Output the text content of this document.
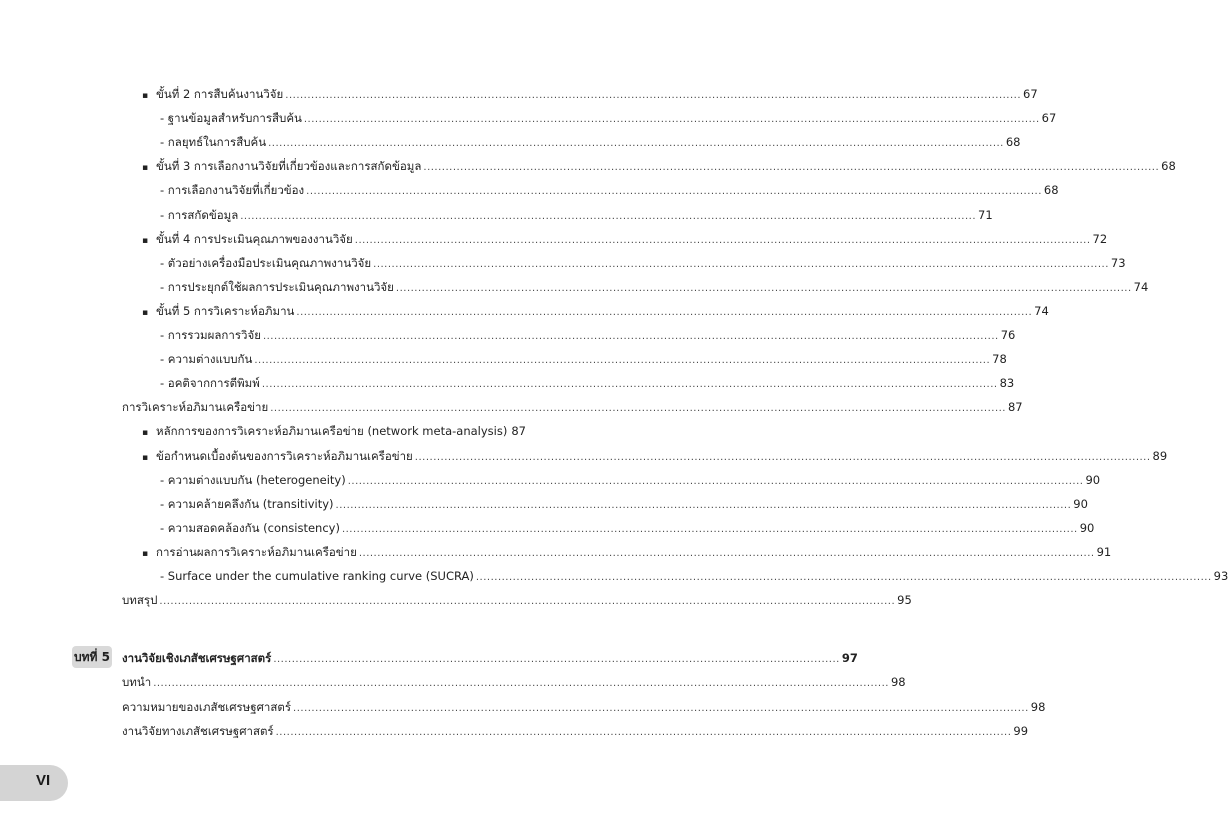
▪ ขั้นที่ 2 การสืบค้นงานวิจัย ........................................................................................................................................................................................................ 67
- ฐานข้อมูลสำหรับการสืบค้น ........................................................................................................................................................................................................ 67
- กลยุทธ์ในการสืบค้น ........................................................................................................................................................................................................ 68
▪ ขั้นที่ 3 การเลือกงานวิจัยที่เกี่ยวข้องและการสกัดข้อมูล ........................................................................................................................................................................................................ 68
- การเลือกงานวิจัยที่เกี่ยวข้อง ........................................................................................................................................................................................................ 68
- การสกัดข้อมูล ........................................................................................................................................................................................................ 71
▪ ขั้นที่ 4 การประเมินคุณภาพของงานวิจัย ........................................................................................................................................................................................................ 72
- ตัวอย่างเครื่องมือประเมินคุณภาพงานวิจัย ........................................................................................................................................................................................................ 73
- การประยุกต์ใช้ผลการประเมินคุณภาพงานวิจัย ........................................................................................................................................................................................................ 74
▪ ขั้นที่ 5 การวิเคราะห์อภิมาน ........................................................................................................................................................................................................ 74
- การรวมผลการวิจัย ........................................................................................................................................................................................................ 76
- ความต่างแบบกัน ........................................................................................................................................................................................................ 78
- อคติจากการตีพิมพ์ ........................................................................................................................................................................................................ 83
การวิเคราะห์อภิมานเครือข่าย ........................................................................................................................................................................................................ 87
▪ หลักการของการวิเคราะห์อภิมานเครือข่าย (network meta-analysis) 87
▪ ข้อกำหนดเบื้องต้นของการวิเคราะห์อภิมานเครือข่าย ........................................................................................................................................................................................................ 89
- ความต่างแบบกัน (heterogeneity) ........................................................................................................................................................................................................ 90
- ความคล้ายคลึงกัน (transitivity) ........................................................................................................................................................................................................ 90
- ความสอดคล้องกัน (consistency) ........................................................................................................................................................................................................ 90
▪ การอ่านผลการวิเคราะห์อภิมานเครือข่าย ........................................................................................................................................................................................................ 91
- Surface under the cumulative ranking curve (SUCRA) ........................................................................................................................................................................................................ 93
บทสรุป ........................................................................................................................................................................................................ 95
บทที่ 5 งานวิจัยเชิงเภสัชเศรษฐศาสตร์ .......................................................................................................................................................... 97
บทนำ ........................................................................................................................................................................................................ 98
ความหมายของเภสัชเศรษฐศาสตร์ ........................................................................................................................................................................................................ 98
งานวิจัยทางเภสัชเศรษฐศาสตร์ ........................................................................................................................................................................................................ 99
VI
